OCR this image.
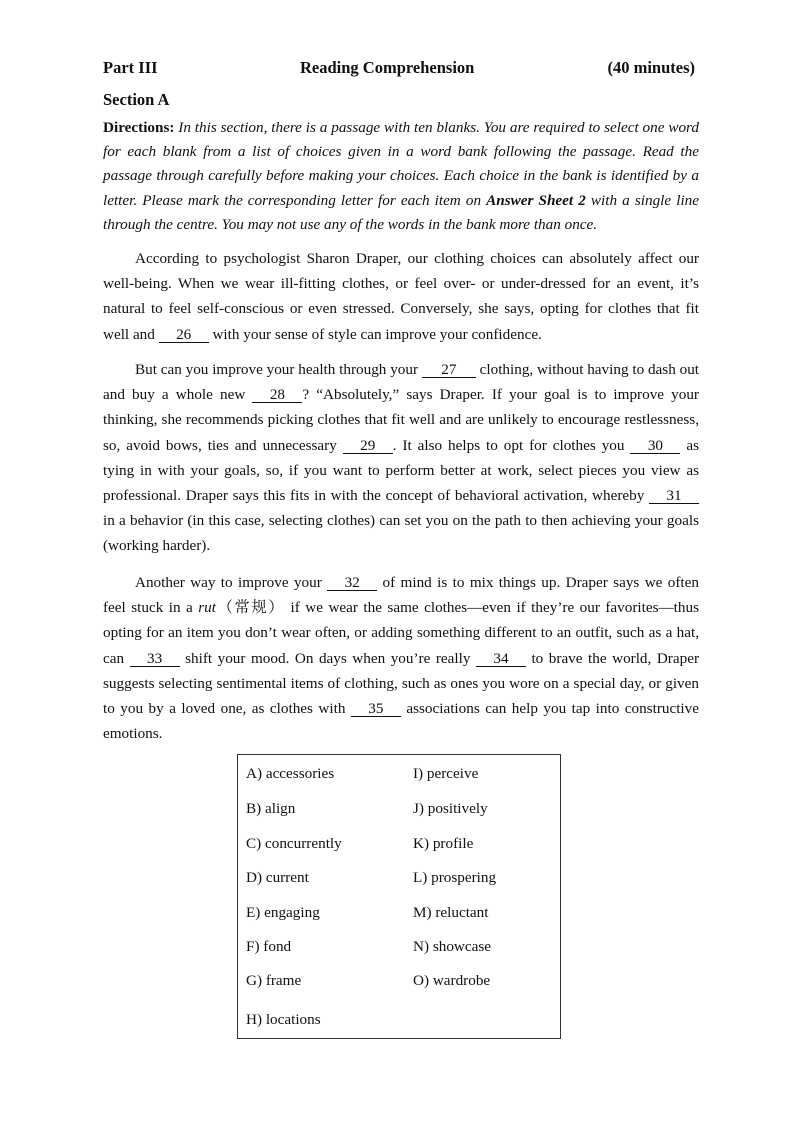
Part III	Reading Comprehension	(40 minutes)
Section A
Directions: In this section, there is a passage with ten blanks. You are required to select one word for each blank from a list of choices given in a word bank following the passage. Read the passage through carefully before making your choices. Each choice in the bank is identified by a letter. Please mark the corresponding letter for each item on Answer Sheet 2 with a single line through the centre. You may not use any of the words in the bank more than once.

According to psychologist Sharon Draper, our clothing choices can absolutely affect our well-being. When we wear ill-fitting clothes, or feel over- or under-dressed for an event, it’s natural to feel self-conscious or even stressed. Conversely, she says, opting for clothes that fit well and 26 with your sense of style can improve your confidence.

But can you improve your health through your 27 clothing, without having to dash out and buy a whole new 28 ? “Absolutely,” says Draper. If your goal is to improve your thinking, she recommends picking clothes that fit well and are unlikely to encourage restlessness, so, avoid bows, ties and unnecessary 29 . It also helps to opt for clothes you 30 as tying in with your goals, so, if you want to perform better at work, select pieces you view as professional. Draper says this fits in with the concept of behavioral activation, whereby 31 in a behavior (in this case, selecting clothes) can set you on the path to then achieving your goals (working harder).

Another way to improve your 32 of mind is to mix things up. Draper says we often feel stuck in a rut（常规） if we wear the same clothes—even if they’re our favorites—thus opting for an item you don’t wear often, or adding something different to an outfit, such as a hat, can 33 shift your mood. On days when you’re really 34 to brave the world, Draper suggests selecting sentimental items of clothing, such as ones you wore on a special day, or given to you by a loved one, as clothes with 35 associations can help you tap into constructive emotions.

A) accessories
B) align
C) concurrently
D) current
E) engaging
F) fond
G) frame
H) locations
I) perceive
J) positively
K) profile
L) prospering
M) reluctant
N) showcase
O) wardrobe
